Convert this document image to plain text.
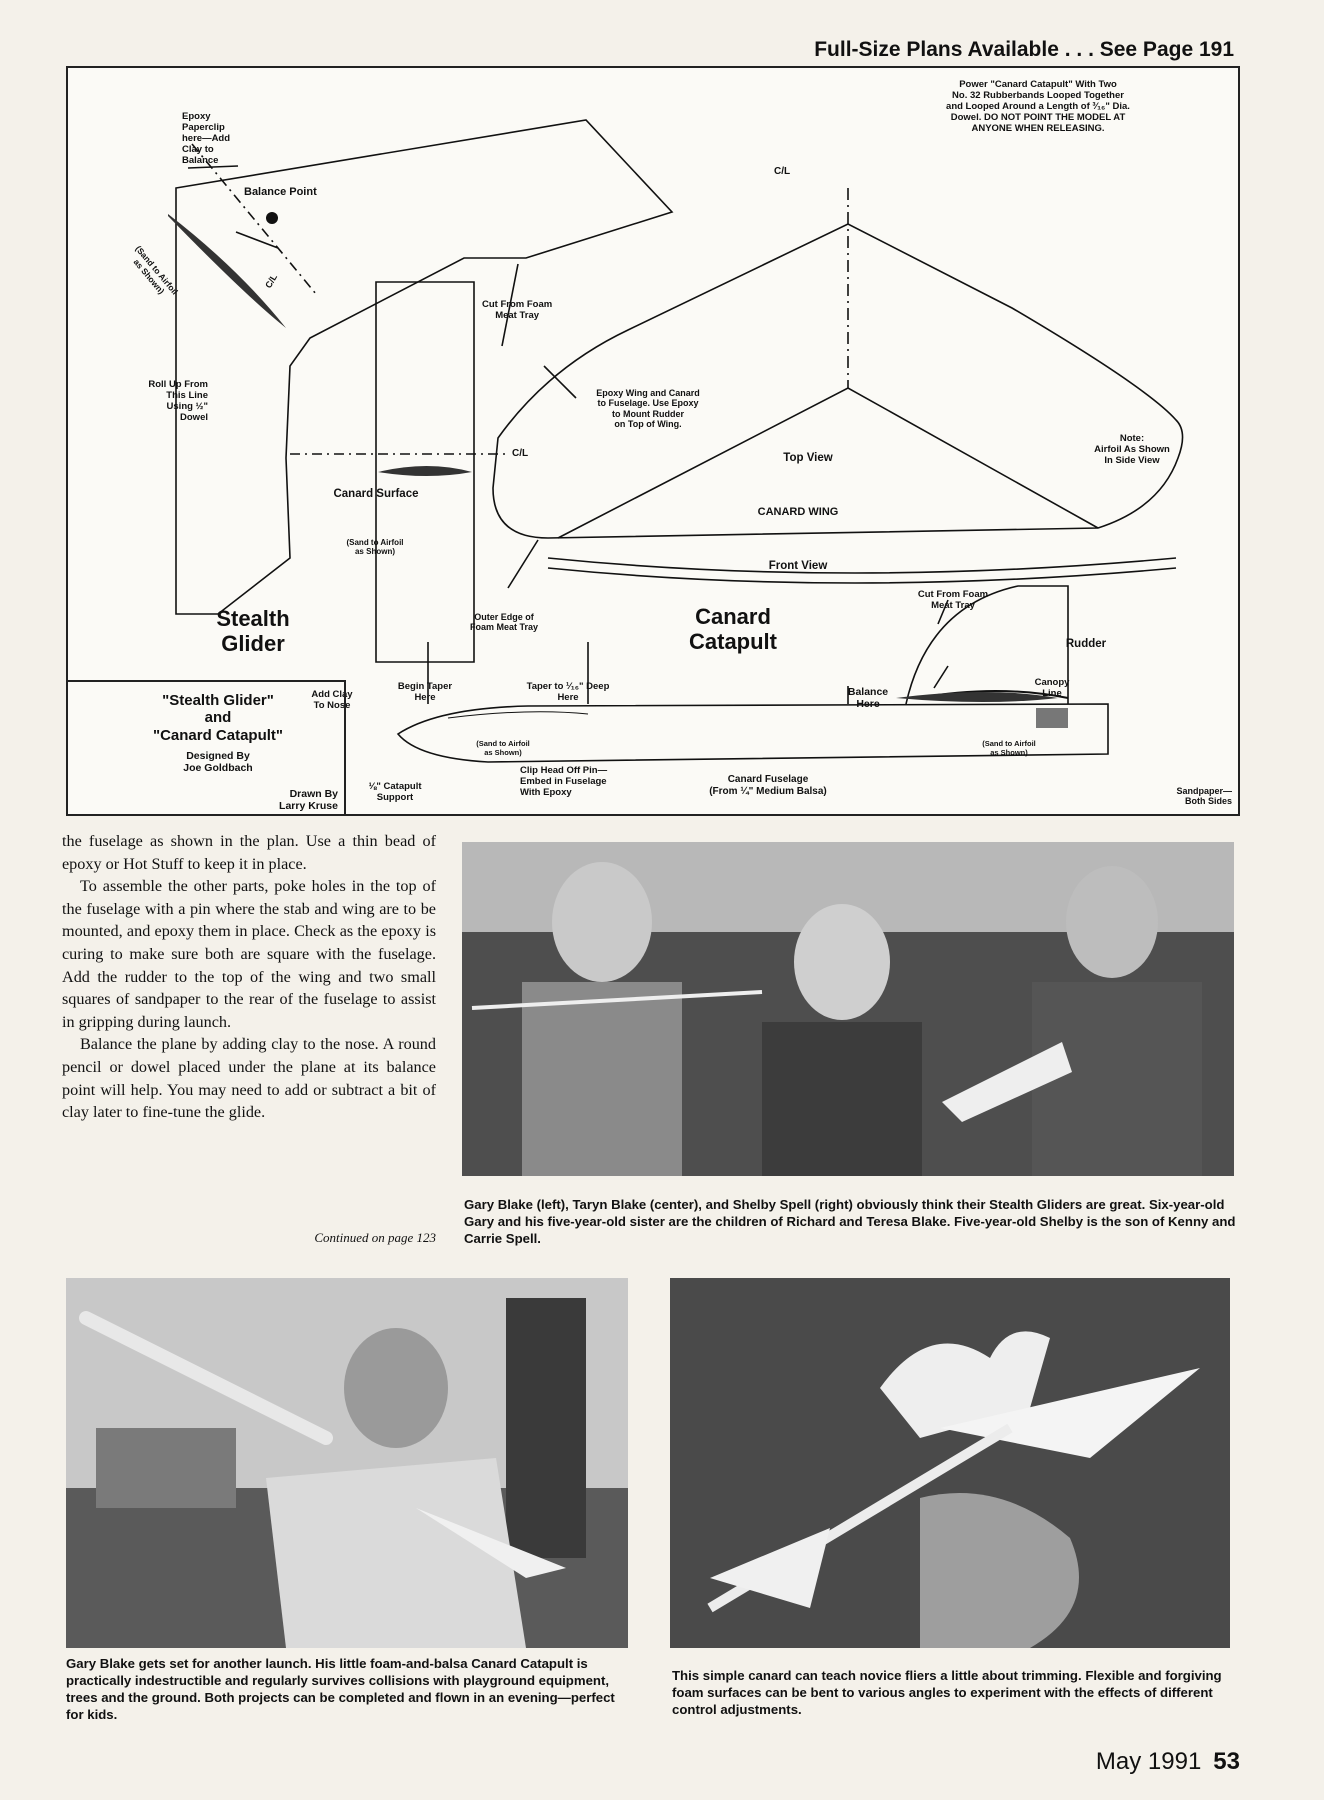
Full-Size Plans Available . . . See Page 191
Power "Canard Catapult" With Two
No. 32 Rubberbands Looped Together
and Looped Around a Length of ³⁄₁₆" Dia.
Dowel. DO NOT POINT THE MODEL AT
ANYONE WHEN RELEASING.
Epoxy
Paperclip
here—Add
Clay to
Balance
Balance Point
(Sand to Airfoil
as Shown)	C/L
Cut From Foam
Meat Tray
Roll Up From
This Line
Using ½"
Dowel
C/L
Canard Surface
(Sand to Airfoil
as Shown)
Stealth
Glider
Outer Edge of
Foam Meat Tray
C/L
Epoxy Wing and Canard
to Fuselage. Use Epoxy
to Mount Rudder
on Top of Wing.
Top View
CANARD WING
Note:
Airfoil As Shown
In Side View
Front View
Canard
Catapult
Cut From Foam
Meat Tray
Rudder
Canopy
Line
Add Clay
To Nose
Begin Taper
Here
Taper to ¹⁄₁₆" Deep
Here	Balance
Here
(Sand to Airfoil
as Shown)
(Sand to Airfoil
as Shown)
Clip Head Off Pin—
Embed in Fuselage
With Epoxy
⅛" Catapult
Support
Canard Fuselage
(From ¼" Medium Balsa)	Sandpaper—
Both Sides
"Stealth Glider"
and
"Canard Catapult"
Designed By
Joe Goldbach
Drawn By
Larry Kruse

the fuselage as shown in the plan. Use a thin bead of epoxy or Hot Stuff to keep it in place.

To assemble the other parts, poke holes in the top of the fuselage with a pin where the stab and wing are to be mounted, and epoxy them in place. Check as the epoxy is curing to make sure both are square with the fuselage. Add the rudder to the top of the wing and two small squares of sandpaper to the rear of the fuselage to assist in gripping during launch.

Balance the plane by adding clay to the nose. A round pencil or dowel placed under the plane at its balance point will help. You may need to add or subtract a bit of clay later to fine-tune the glide.

Continued on page 123
Gary Blake (left), Taryn Blake (center), and Shelby Spell (right) obviously think their Stealth Gliders are great. Six-year-old Gary and his five-year-old sister are the children of Richard and Teresa Blake. Five-year-old Shelby is the son of Kenny and Carrie Spell.
Gary Blake gets set for another launch. His little foam-and-balsa Canard Catapult is practically indestructible and regularly survives collisions with playground equipment, trees and the ground. Both projects can be completed and flown in an evening—perfect for kids.
This simple canard can teach novice fliers a little about trimming. Flexible and forgiving foam surfaces can be bent to various angles to experiment with the effects of different control adjustments.
May 1991 53
